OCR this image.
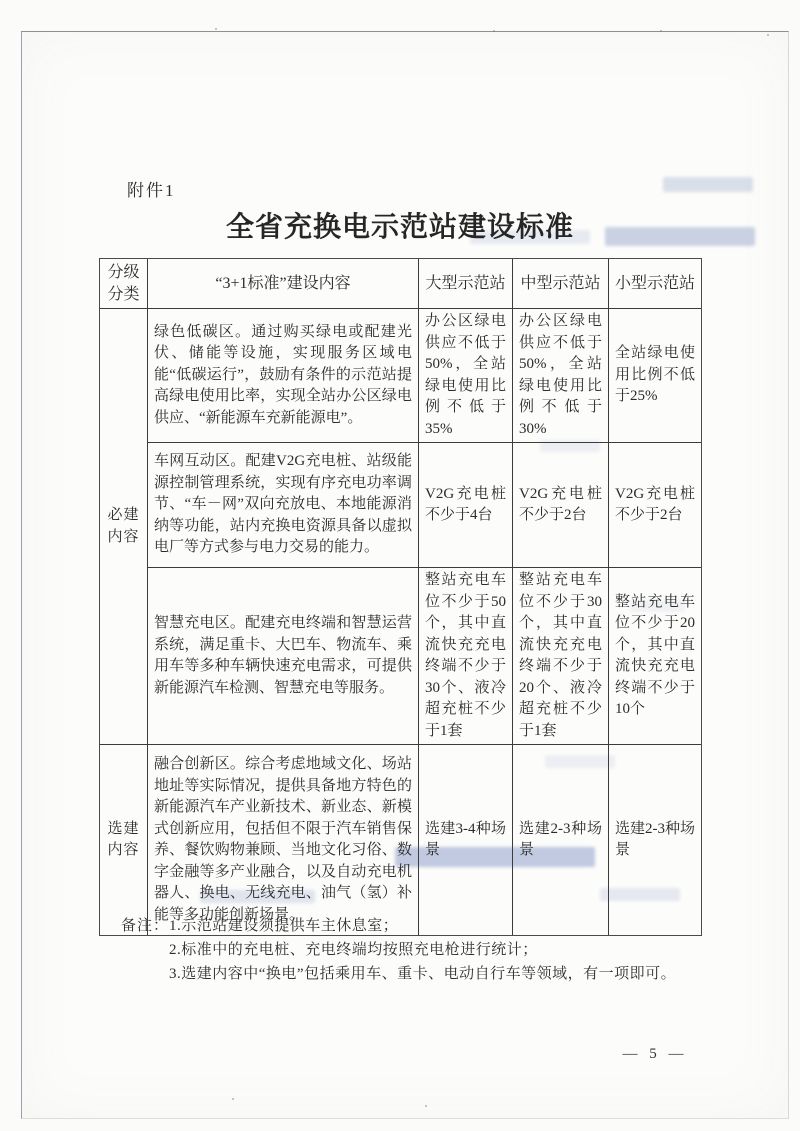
附件1
全省充换电示范站建设标准
分级分类	“3+1标准”建设内容	大型示范站	中型示范站	小型示范站
必建内容	绿色低碳区。通过购买绿电或配建光伏、储能等设施，实现服务区域电能“低碳运行”，鼓励有条件的示范站提高绿电使用比率，实现全站办公区绿电供应、“新能源车充新能源电”。	办公区绿电供应不低于50%，全站绿电使用比例不低于35%	办公区绿电供应不低于50%，全站绿电使用比例不低于30%	全站绿电使用比例不低于25%
	车网互动区。配建V2G充电桩、站级能源控制管理系统，实现有序充电功率调节、“车－网”双向充放电、本地能源消纳等功能，站内充换电资源具备以虚拟电厂等方式参与电力交易的能力。	V2G充电桩不少于4台	V2G充电桩不少于2台	V2G充电桩不少于2台
	智慧充电区。配建充电终端和智慧运营系统，满足重卡、大巴车、物流车、乘用车等多种车辆快速充电需求，可提供新能源汽车检测、智慧充电等服务。	整站充电车位不少于50个，其中直流快充充电终端不少于30个、液冷超充桩不少于1套	整站充电车位不少于30个，其中直流快充充电终端不少于20个、液冷超充桩不少于1套	整站充电车位不少于20个，其中直流快充充电终端不少于10个
选建内容	融合创新区。综合考虑地域文化、场站地址等实际情况，提供具备地方特色的新能源汽车产业新技术、新业态、新模式创新应用，包括但不限于汽车销售保养、餐饮购物兼顾、当地文化习俗、数字金融等多产业融合，以及自动充电机器人、换电、无线充电、油气（氢）补能等多功能创新场景。	选建3-4种场景	选建2-3种场景	选建2-3种场景
备注： 1.示范站建设须提供车主休息室；
2.标准中的充电桩、充电终端均按照充电枪进行统计；
3.选建内容中“换电”包括乘用车、重卡、电动自行车等领域，有一项即可。
— 5 —
